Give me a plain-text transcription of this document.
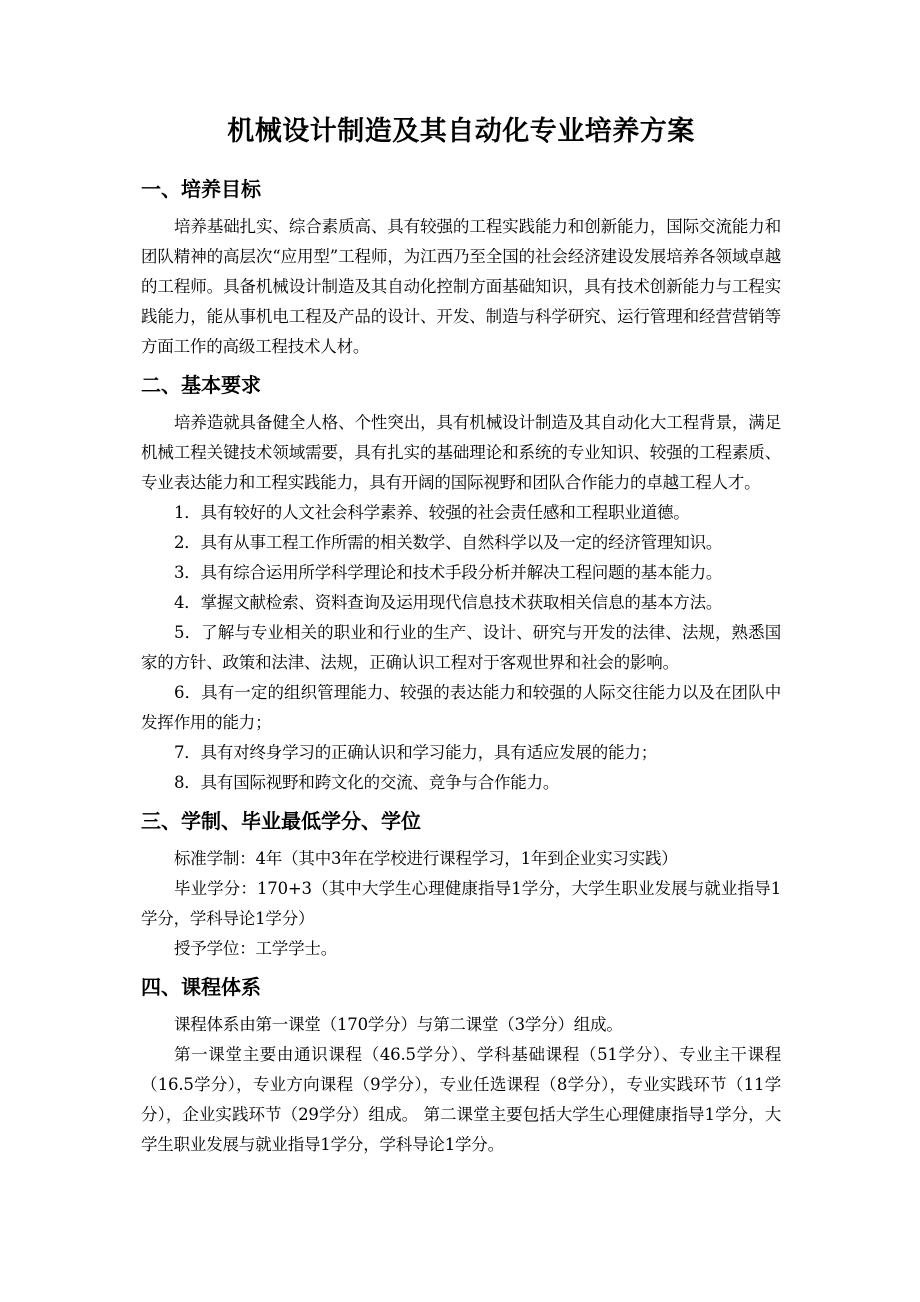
机械设计制造及其自动化专业培养方案
一、培养目标

培养基础扎实、综合素质高、具有较强的工程实践能力和创新能力，国际交流能力和团队精神的高层次“应用型”工程师，为江西乃至全国的社会经济建设发展培养各领域卓越的工程师。具备机械设计制造及其自动化控制方面基础知识，具有技术创新能力与工程实践能力，能从事机电工程及产品的设计、开发、制造与科学研究、运行管理和经营营销等方面工作的高级工程技术人材。

二、基本要求

培养造就具备健全人格、个性突出，具有机械设计制造及其自动化大工程背景，满足机械工程关键技术领域需要，具有扎实的基础理论和系统的专业知识、较强的工程素质、专业表达能力和工程实践能力，具有开阔的国际视野和团队合作能力的卓越工程人才。

1．具有较好的人文社会科学素养、较强的社会责任感和工程职业道德。
2．具有从事工程工作所需的相关数学、自然科学以及一定的经济管理知识。
3．具有综合运用所学科学理论和技术手段分析并解决工程问题的基本能力。
4．掌握文献检索、资料查询及运用现代信息技术获取相关信息的基本方法。
5．了解与专业相关的职业和行业的生产、设计、研究与开发的法律、法规，熟悉国家的方针、政策和法津、法规，正确认识工程对于客观世界和社会的影响。
6．具有一定的组织管理能力、较强的表达能力和较强的人际交往能力以及在团队中发挥作用的能力；
7．具有对终身学习的正确认识和学习能力，具有适应发展的能力；
8．具有国际视野和跨文化的交流、竞争与合作能力。
三、学制、毕业最低学分、学位

标准学制：4年（其中3年在学校进行课程学习，1年到企业实习实践）

毕业学分：170+3（其中大学生心理健康指导1学分，大学生职业发展与就业指导1学分，学科导论1学分）

授予学位：工学学士。

四、课程体系

课程体系由第一课堂（170学分）与第二课堂（3学分）组成。

第一课堂主要由通识课程（46.5学分）、学科基础课程（51学分）、专业主干课程（16.5学分），专业方向课程（9学分），专业任选课程（8学分），专业实践环节（11学分），企业实践环节（29学分）组成。 第二课堂主要包括大学生心理健康指导1学分，大学生职业发展与就业指导1学分，学科导论1学分。
